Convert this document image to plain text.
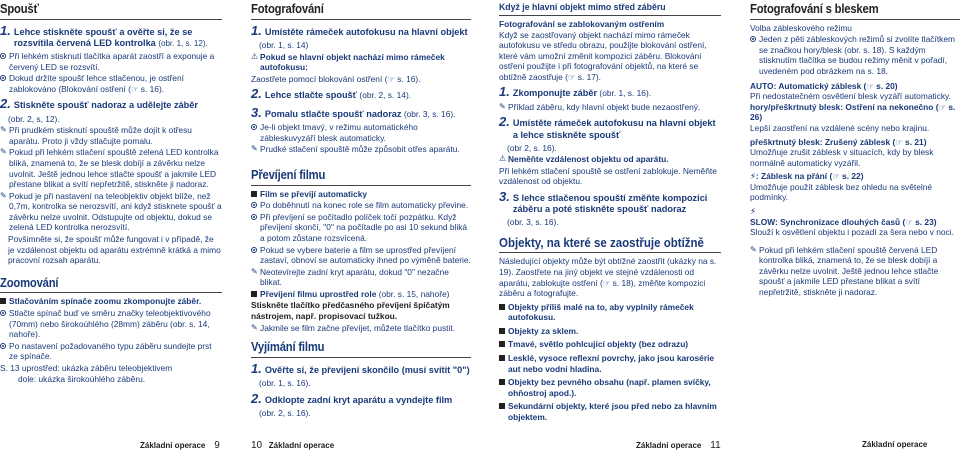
Spoušť
1. Lehce stiskněte spoušť a ověřte si, že se rozsvítila červená LED kontrolka (obr. 1, s. 12).
Při lehkém stisknutí tlačítka aparát zaostří a exponuje a červený LED se rozsvítí.
Dokud držíte spoušť lehce stlačenou, je ostření zablokováno (Blokování ostření (☞ s. 16).
2. Stiskněte spoušť nadoraz a udělejte záběr
(obr. 2, s, 12).
✎ Při prudkém stisknutí spouště může dojít k otřesu aparátu. Proto ji vždy stlačujte pomalu.
✎ Pokud při lehkém stlačení spouště zelená LED kontrolka bliká, znamená to, že se blesk dobíjí a závěrku nelze uvolnit. Ještě jednou lehce stlačte spoušť a jakmile LED přestane blikat a svítí nepřetržitě, stiskněte ji nadoraz.
✎ Pokud je při nastavení na teleobjektiv objekt blíže, než 0,7m, kontrolka se nerozsvítí, ani když stisknete spoušť a závěrku nelze uvolnit. Odstupujte od objektu, dokud se zelená LED kontrolka nerozsvítí.
Povšimněte si, že spoušť může fungovat i v případě, že je vzdálenost objektu od aparátu extrémně krátká a mimo pracovní rozsah aparátu.
Zoomování
Stlačováním spínače zoomu zkomponujte záběr.
Stlačte spínač buď ve směru značky teleobjektivového (70mm) nebo širokoúhlého (28mm) záběru (obr. s. 14, nahoře).
Po nastavení požadovaného typu záběru sundejte prst ze spínače.
S. 13 uprostřed: ukázka záběru teleobjektivem
dole: ukázka širokoúhlého záběru.
Základní operace 9
Fotografování
1. Umístěte rámeček autofokusu na hlavní objekt
(obr. 1, s. 14)
⚠ Pokud se hlavní objekt nachází mimo rámeček autofokusu:
Zaostřete pomocí blokování ostření (☞ s. 16).
2. Lehce stlačte spoušť
(obr. 2, s. 14).
3. Pomalu stlačte spoušť nadoraz
(obr. 3, s. 16).
Je-li objekt tmavý, v režimu automatického zábleskuvyzáří blesk automaticky.
✎ Prudké stlačení spouště může způsobit otřes aparátu.
Převíjení filmu
Film se převíjí automaticky
Po doběhnutí na konec role se film automaticky převine.
Při převíjení se počítadlo políček točí pozpátku. Když převíjení skončí, "0" na počítadle po asi 10 sekund bliká a potom zůstane rozsvícená.
Pokud se vybere baterie a film se uprostřed převíjení zastaví, obnoví se automaticky ihned po výměně baterie.
✎ Neotevírejte zadní kryt aparátu, dokud "0" nezačne blikat.
Převíjení filmu uprostřed role (obr. s. 15, nahoře)
Stiskněte tlačítko předčasného převíjení špičatým nástrojem, např. propisovací tužkou.
✎ Jakmile se film začne převíjet, můžete tlačítko pustit.
Vyjímání filmu
1. Ověřte si, že převíjení skončilo (musí svítit "0")
(obr. 1, s. 16).
2. Odklopte zadní kryt aparátu a vyndejte film
(obr. 2, s. 16).
10 Základní operace
Když je hlavní objekt mimo střed záběru
Fotografování se zablokovaným ostřením
Když se zaostřovaný objekt nachází mimo rámeček autofokusu ve středu obrazu, použijte blokování ostření, které vám umožní změnit kompozici záběru. Blokování ostření použijte i při fotografování objektů, na které se obtížně zaostřuje (☞ s. 17).
1. Zkomponujte záběr
(obr. 1, s. 16).
✎ Příklad záběru, kdy hlavní objekt bude nezaostřený.
2. Umístěte rámeček autofokusu na hlavní objekt a lehce stiskněte spoušť
(obr 2, s. 16).
⚠ Neměňte vzdálenost objektu od aparátu.
Při lehkém stlačení spouště se ostření zablokuje. Neměňte vzdálenost od objektu.
3. S lehce stlačenou spouští změňte kompozici záběru a poté stiskněte spoušť nadoraz
(obr. 3, s. 16).
Objekty, na které se zaostřuje obtížně
Následující objekty může být obtížné zaostřit (ukázky na s. 19). Zaostřete na jiný objekt ve stejné vzdálenosti od aparátu, zablokujte ostření (☞ s. 18), změňte kompozici záběru a fotografujte.
Objekty příliš malé na to, aby vyplnily rámeček autofokusu.
Objekty za sklem.
Tmavé, světlo pohlcující objekty (bez odrazu)
Lesklé, vysoce reflexní povrchy, jako jsou karosérie aut nebo vodní hladina.
Objekty bez pevného obsahu (např. plamen svíčky, ohňostroj apod.).
Sekundární objekty, které jsou před nebo za hlavním objektem.
Základní operace 11
Fotografování s bleskem
Volba zábleskového režimu
Jeden z pěti zábleskových režimů si zvolíte tlačítkem se značkou hory/blesk (obr. s. 18). S každým stisknutím tlačítka se budou režimy měnit v pořadí, uvedeném pod obrázkem na s. 18.
AUTO: Automatický záblesk (☞ s. 20)
Při nedostatečném osvětlení blesk vyzáří automaticky.
hory/přeškrtnutý blesk: Ostření na nekonečno (☞ s. 26)
Lepší zaostření na vzdálené scény nebo krajinu.
přeškrtnutý blesk: Zrušený záblesk (☞ s. 21)
Umožňuje zrušit záblesk v situacích, kdy by blesk normálně automaticky vyzářil.
⚡: Záblesk na přání (☞ s. 22)
Umožňuje použít záblesk bez ohledu na světelné podmínky.
⚡
SLOW: Synchronizace dlouhých časů (☞ s. 23)
Slouží k osvětlení objektu i pozadí za šera nebo v noci.
✎ Pokud při lehkém stlačení spouště červená LED kontrolka bliká, znamená to, že se blesk dobíjí a závěrku nelze uvolnit. Ještě jednou lehce stlačte spoušť a jakmile LED přestane blikat a svítí nepřetržitě, stiskněte ji nadoraz.
Základní operace
